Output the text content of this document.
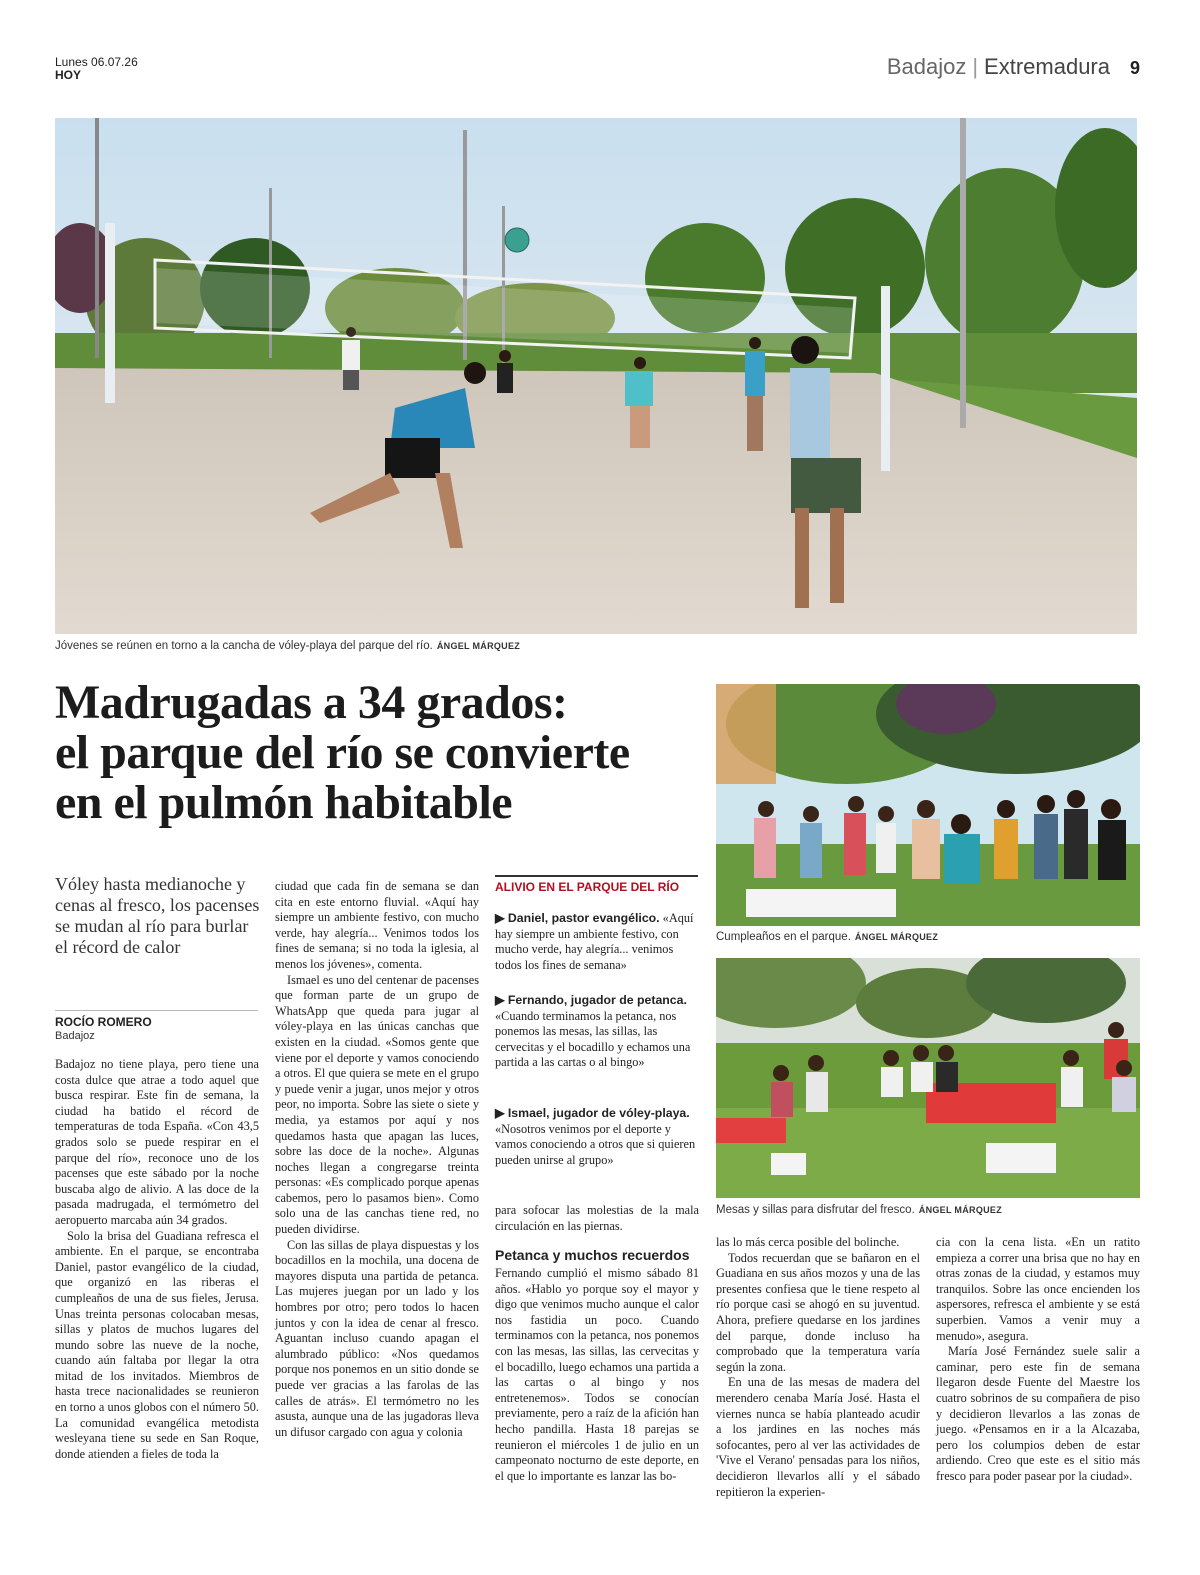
Lunes 06.07.26
HOY	Badajoz | Extremadura 9
Jóvenes se reúnen en torno a la cancha de vóley-playa del parque del río. ÁNGEL MÁRQUEZ
Madrugadas a 34 grados:
el parque del río se convierte
en el pulmón habitable
Cumpleaños en el parque. ÁNGEL MÁRQUEZ
Mesas y sillas para disfrutar del fresco. ÁNGEL MÁRQUEZ
Vóley hasta medianoche y cenas al fresco, los pacenses se mudan al río para burlar el récord de calor
ROCÍO ROMERO
Badajoz

Badajoz no tiene playa, pero tiene una costa dulce que atrae a todo aquel que busca respirar. Este fin de semana, la ciudad ha batido el récord de temperaturas de toda España. «Con 43,5 grados solo se puede respirar en el parque del río», reconoce uno de los pacenses que este sábado por la noche buscaba algo de alivio. A las doce de la pasada madrugada, el termómetro del aeropuerto marcaba aún 34 grados.

Solo la brisa del Guadiana refresca el ambiente. En el parque, se encontraba Daniel, pastor evangélico de la ciudad, que organizó en las riberas el cumpleaños de una de sus fieles, Jerusa. Unas treinta personas colocaban mesas, sillas y platos de muchos lugares del mundo sobre las nueve de la noche, cuando aún faltaba por llegar la otra mitad de los invitados. Miembros de hasta trece nacionalidades se reunieron en torno a unos globos con el número 50. La comunidad evangélica metodista wesleyana tiene su sede en San Roque, donde atienden a fieles de toda la

ciudad que cada fin de semana se dan cita en este entorno fluvial. «Aquí hay siempre un ambiente festivo, con mucho verde, hay alegría... Venimos todos los fines de semana; si no toda la iglesia, al menos los jóvenes», comenta.

Ismael es uno del centenar de pacenses que forman parte de un grupo de WhatsApp que queda para jugar al vóley-playa en las únicas canchas que existen en la ciudad. «Somos gente que viene por el deporte y vamos conociendo a otros. El que quiera se mete en el grupo y puede venir a jugar, unos mejor y otros peor, no importa. Sobre las siete o siete y media, ya estamos por aquí y nos quedamos hasta que apagan las luces, sobre las doce de la noche». Algunas noches llegan a congregarse treinta personas: «Es complicado porque apenas cabemos, pero lo pasamos bien». Como solo una de las canchas tiene red, no pueden dividirse.

Con las sillas de playa dispuestas y los bocadillos en la mochila, una docena de mayores disputa una partida de petanca. Las mujeres juegan por un lado y los hombres por otro; pero todos lo hacen juntos y con la idea de cenar al fresco. Aguantan incluso cuando apagan el alumbrado público: «Nos quedamos porque nos ponemos en un sitio donde se puede ver gracias a las farolas de las calles de atrás». El termómetro no les asusta, aunque una de las jugadoras lleva un difusor cargado con agua y colonia

ALIVIO EN EL PARQUE DEL RÍO
▶ Daniel, pastor evangélico. «Aquí hay siempre un ambiente festivo, con mucho verde, hay alegría... venimos todos los fines de semana»
▶ Fernando, jugador de petanca. «Cuando terminamos la petanca, nos ponemos las mesas, las sillas, las cervecitas y el bocadillo y echamos una partida a las cartas o al bingo»
▶ Ismael, jugador de vóley-playa. «Nosotros venimos por el deporte y vamos conociendo a otros que si quieren pueden unirse al grupo»

para sofocar las molestias de la mala circulación en las piernas.

Petanca y muchos recuerdos

Fernando cumplió el mismo sábado 81 años. «Hablo yo porque soy el mayor y digo que venimos mucho aunque el calor nos fastidia un poco. Cuando terminamos con la petanca, nos ponemos con las mesas, las sillas, las cervecitas y el bocadillo, luego echamos una partida a las cartas o al bingo y nos entretenemos». Todos se conocían previamente, pero a raíz de la afición han hecho pandilla. Hasta 18 parejas se reunieron el miércoles 1 de julio en un campeonato nocturno de este deporte, en el que lo importante es lanzar las bo-

las lo más cerca posible del bolinche.

Todos recuerdan que se bañaron en el Guadiana en sus años mozos y una de las presentes confiesa que le tiene respeto al río porque casi se ahogó en su juventud. Ahora, prefiere quedarse en los jardines del parque, donde incluso ha comprobado que la temperatura varía según la zona.

En una de las mesas de madera del merendero cenaba María José. Hasta el viernes nunca se había planteado acudir a los jardines en las noches más sofocantes, pero al ver las actividades de 'Vive el Verano' pensadas para los niños, decidieron llevarlos allí y el sábado repitieron la experien-

cia con la cena lista. «En un ratito empieza a correr una brisa que no hay en otras zonas de la ciudad, y estamos muy tranquilos. Sobre las once encienden los aspersores, refresca el ambiente y se está superbien. Vamos a venir muy a menudo», asegura.

María José Fernández suele salir a caminar, pero este fin de semana llegaron desde Fuente del Maestre los cuatro sobrinos de su compañera de piso y decidieron llevarlos a las zonas de juego. «Pensamos en ir a la Alcazaba, pero los columpios deben de estar ardiendo. Creo que este es el sitio más fresco para poder pasear por la ciudad».
